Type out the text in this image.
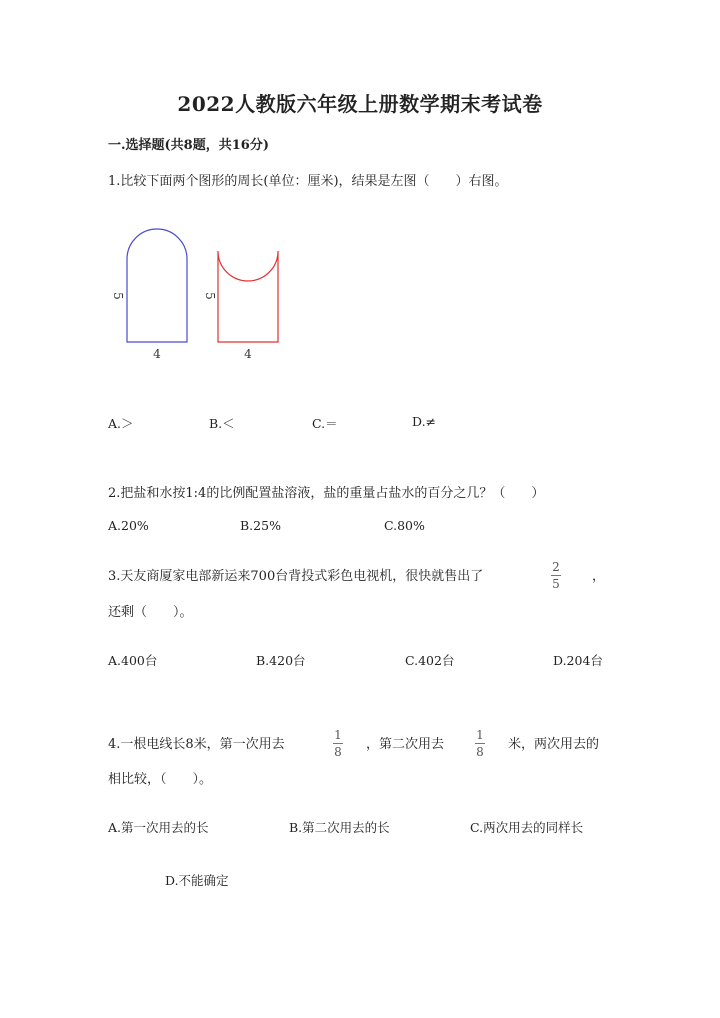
2022人教版六年级上册数学期末考试卷
一.选择题(共8题，共16分)
1.比较下面两个图形的周长(单位：厘米)，结果是左图（　　）右图。
5
4
5
4
A.＞	B.＜	C.＝	D.≠
2.把盐和水按1:4的比例配置盐溶液，盐的重量占盐水的百分之几？（　　）
A.20%	B.25%	C.80%
3.天友商厦家电部新运来700台背投式彩色电视机，很快就售出了
2
5 ，
还剩（　　）。
A.400台	B.420台	C.402台	D.204台
4.一根电线长8米，第一次用去
1
8 ，第二次用去
1
8 米，两次用去的
相比较，（　　）。
A.第一次用去的长	B.第二次用去的长	C.两次用去的同样长
D.不能确定
